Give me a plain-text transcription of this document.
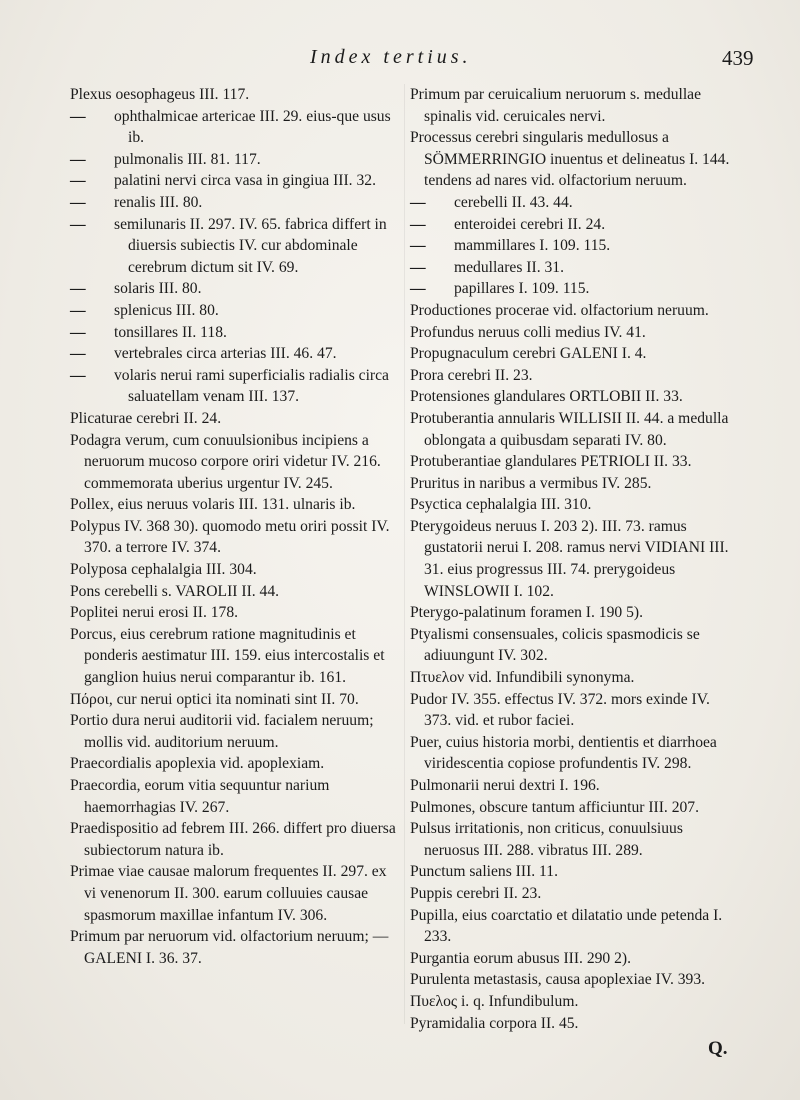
Index tertius.	439

Plexus oesophageus III. 117.

— ophthalmicae artericae III. 29. eius-que usus ib.

— pulmonalis III. 81. 117.

— palatini nervi circa vasa in gingiua III. 32.

— renalis III. 80.

— semilunaris II. 297. IV. 65. fabrica differt in diuersis subiectis IV. cur abdominale cerebrum dictum sit IV. 69.

— solaris III. 80.

— splenicus III. 80.

— tonsillares II. 118.

— vertebrales circa arterias III. 46. 47.

— volaris nerui rami superficialis radialis circa saluatellam venam III. 137.

Plicaturae cerebri II. 24.

Podagra verum, cum conuulsionibus incipiens a neruorum mucoso corpore oriri videtur IV. 216. commemorata uberius urgentur IV. 245.

Pollex, eius neruus volaris III. 131. ulnaris ib.

Polypus IV. 368 30). quomodo metu oriri possit IV. 370. a terrore IV. 374.

Polyposa cephalalgia III. 304.

Pons cerebelli s. VAROLII II. 44.

Poplitei nerui erosi II. 178.

Porcus, eius cerebrum ratione magnitudinis et ponderis aestimatur III. 159. eius intercostalis et ganglion huius nerui comparantur ib. 161.

Πόροι, cur nerui optici ita nominati sint II. 70.

Portio dura nerui auditorii vid. facialem neruum; mollis vid. auditorium neruum.

Praecordialis apoplexia vid. apoplexiam.

Praecordia, eorum vitia sequuntur narium haemorrhagias IV. 267.

Praedispositio ad febrem III. 266. differt pro diuersa subiectorum natura ib.

Primae viae causae malorum frequentes II. 297. ex vi venenorum II. 300. earum colluuies causae spasmorum maxillae infantum IV. 306.

Primum par neruorum vid. olfactorium neruum; — GALENI I. 36. 37.

Primum par ceruicalium neruorum s. medullae spinalis vid. ceruicales nervi.

Processus cerebri singularis medullosus a SÖMMERRINGIO inuentus et delineatus I. 144. tendens ad nares vid. olfactorium neruum.

— cerebelli II. 43. 44.

— enteroidei cerebri II. 24.

— mammillares I. 109. 115.

— medullares II. 31.

— papillares I. 109. 115.

Productiones procerae vid. olfactorium neruum.

Profundus neruus colli medius IV. 41.

Propugnaculum cerebri GALENI I. 4.

Prora cerebri II. 23.

Protensiones glandulares ORTLOBII II. 33.

Protuberantia annularis WILLISII II. 44. a medulla oblongata a quibusdam separati IV. 80.

Protuberantiae glandulares PETRIOLI II. 33.

Pruritus in naribus a vermibus IV. 285.

Psyctica cephalalgia III. 310.

Pterygoideus neruus I. 203 2). III. 73. ramus gustatorii nerui I. 208. ramus nervi VIDIANI III. 31. eius progressus III. 74. prerygoideus WINSLOWII I. 102.

Pterygo-palatinum foramen I. 190 5).

Ptyalismi consensuales, colicis spasmodicis se adiuungunt IV. 302.

Πτυελον vid. Infundibili synonyma.

Pudor IV. 355. effectus IV. 372. mors exinde IV. 373. vid. et rubor faciei.

Puer, cuius historia morbi, dentientis et diarrhoea viridescentia copiose profundentis IV. 298.

Pulmonarii nerui dextri I. 196.

Pulmones, obscure tantum afficiuntur III. 207.

Pulsus irritationis, non criticus, conuulsiuus neruosus III. 288. vibratus III. 289.

Punctum saliens III. 11.

Puppis cerebri II. 23.

Pupilla, eius coarctatio et dilatatio unde petenda I. 233.

Purgantia eorum abusus III. 290 2).

Purulenta metastasis, causa apoplexiae IV. 393.

Πυελος i. q. Infundibulum.

Pyramidalia corpora II. 45.

Q.
